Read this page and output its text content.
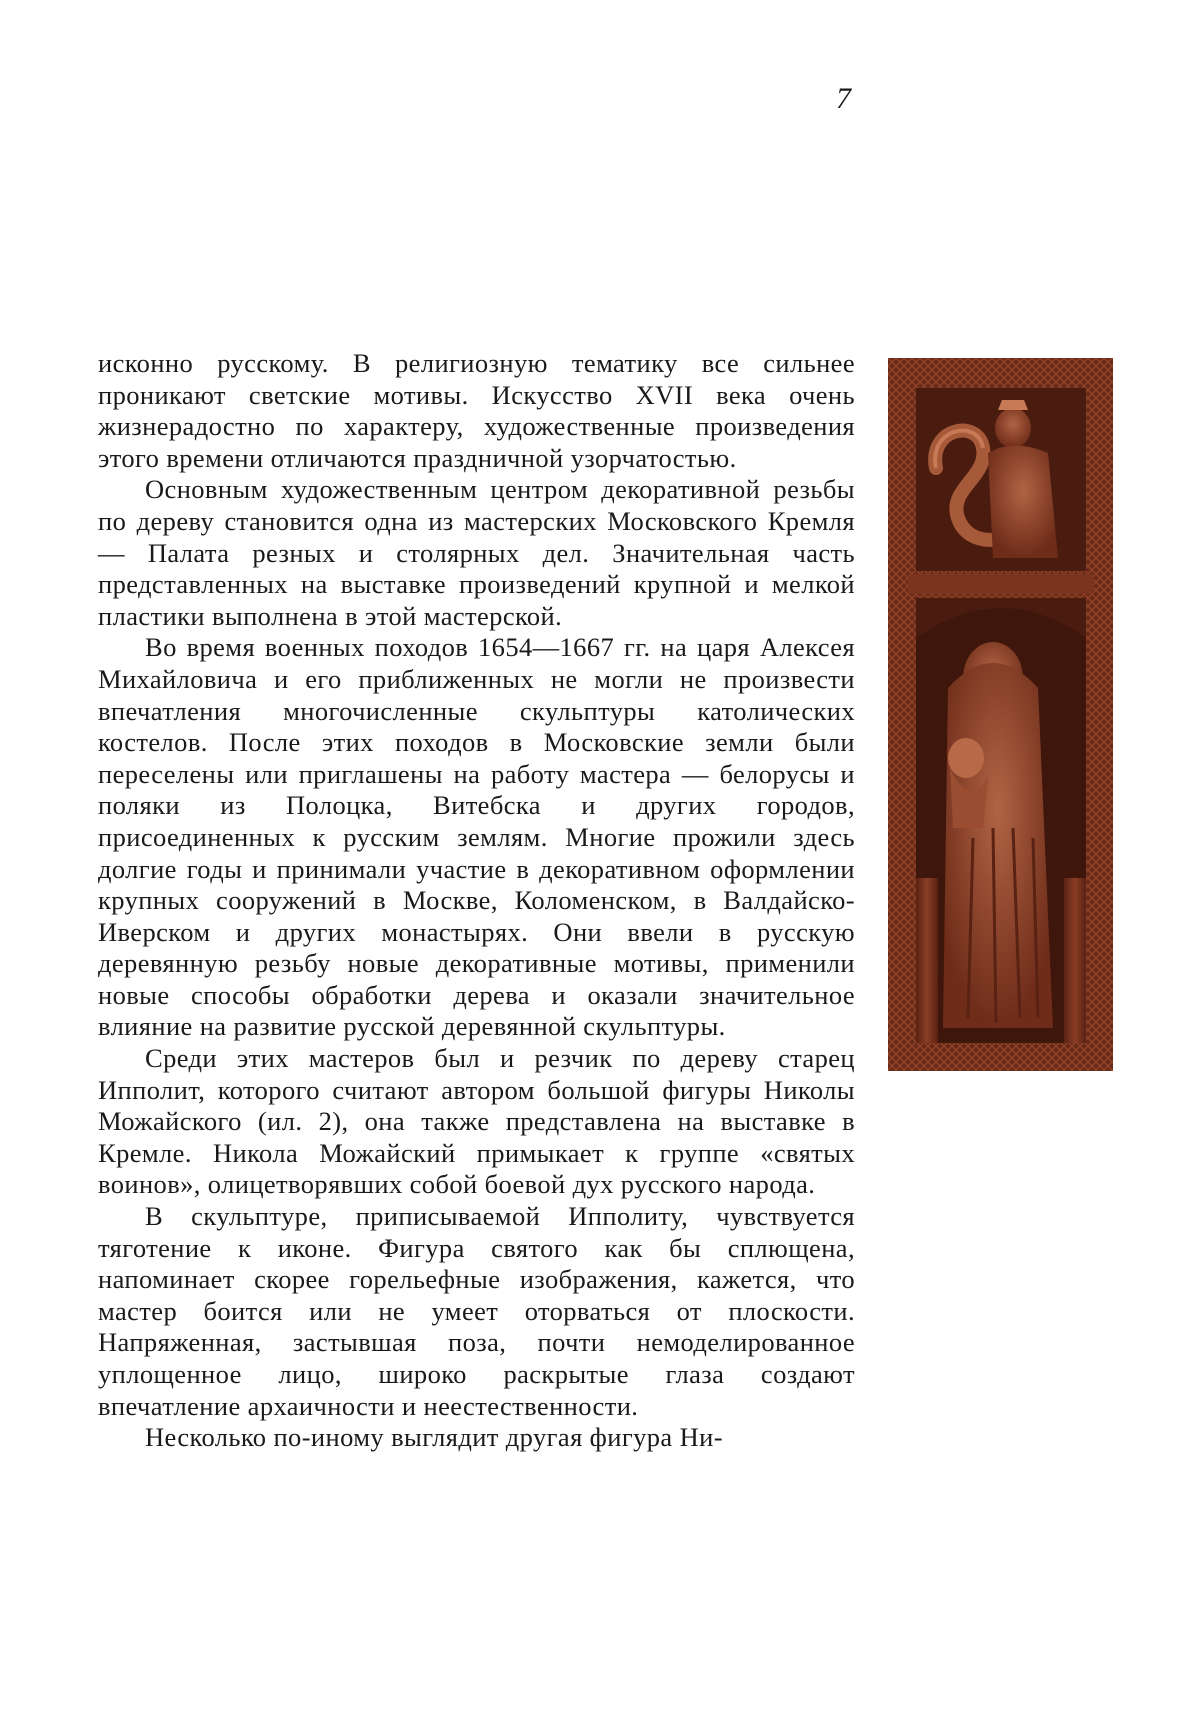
7

исконно русскому. В религиозную тематику все сильнее проникают светские мотивы. Искусство XVII века очень жизнерадостно по характеру, художественные произведения этого времени отличаются праздничной узорчатостью.

Основным художественным центром декоративной резьбы по дереву становится одна из мастерских Московского Кремля — Палата резных и столярных дел. Значительная часть представленных на выставке произведений крупной и мелкой пластики выполнена в этой мастерской.

Во время военных походов 1654—1667 гг. на царя Алексея Михайловича и его приближенных не могли не произвести впечатления многочисленные скульптуры католических костелов. После этих походов в Московские земли были переселены или приглашены на работу мастера — белорусы и поляки из Полоцка, Витебска и других городов, присоединенных к русским землям. Многие прожили здесь долгие годы и принимали участие в декоративном оформлении крупных сооружений в Москве, Коломенском, в Валдайско-Иверском и других монастырях. Они ввели в русскую деревянную резьбу новые декоративные мотивы, применили новые способы обработки дерева и оказали значительное влияние на развитие русской деревянной скульптуры.

Среди этих мастеров был и резчик по дереву старец Ипполит, которого считают автором большой фигуры Николы Можайского (ил. 2), она также представлена на выставке в Кремле. Никола Можайский примыкает к группе «святых воинов», олицетворявших собой боевой дух русского народа.

В скульптуре, приписываемой Ипполиту, чувствуется тяготение к иконе. Фигура святого как бы сплющена, напоминает скорее горельефные изображения, кажется, что мастер боится или не умеет оторваться от плоскости. Напряженная, застывшая поза, почти немоделированное уплощенное лицо, широко раскрытые глаза создают впечатление архаичности и неестественности.

Несколько по-иному выглядит другая фигура Ни-
